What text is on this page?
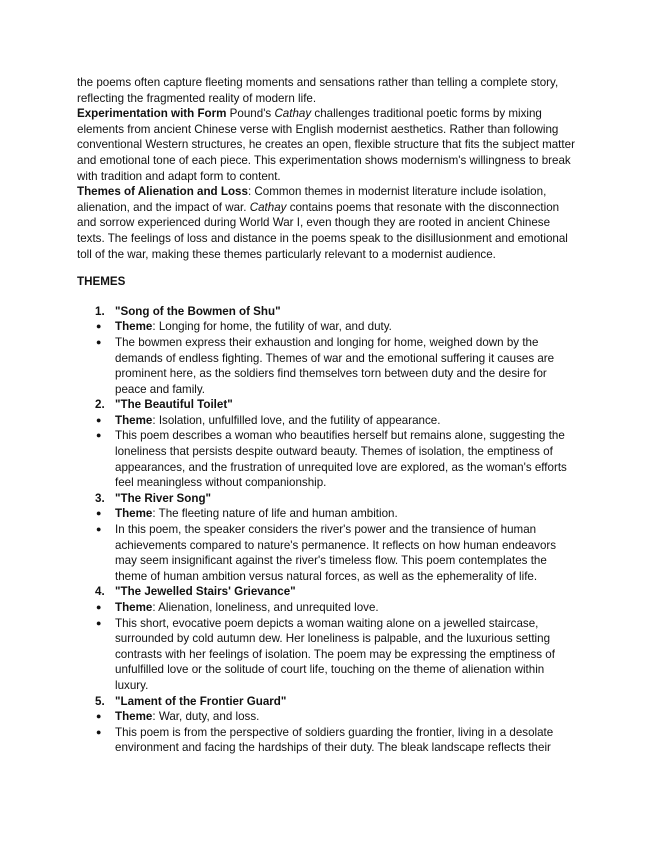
the poems often capture fleeting moments and sensations rather than telling a complete story, reflecting the fragmented reality of modern life.

Experimentation with Form Pound's Cathay challenges traditional poetic forms by mixing elements from ancient Chinese verse with English modernist aesthetics. Rather than following conventional Western structures, he creates an open, flexible structure that fits the subject matter and emotional tone of each piece. This experimentation shows modernism's willingness to break with tradition and adapt form to content.

Themes of Alienation and Loss: Common themes in modernist literature include isolation, alienation, and the impact of war. Cathay contains poems that resonate with the disconnection and sorrow experienced during World War I, even though they are rooted in ancient Chinese texts. The feelings of loss and distance in the poems speak to the disillusionment and emotional toll of the war, making these themes particularly relevant to a modernist audience.

THEMES

1. "Song of the Bowmen of Shu"
● Theme: Longing for home, the futility of war, and duty.
● The bowmen express their exhaustion and longing for home, weighed down by the demands of endless fighting. Themes of war and the emotional suffering it causes are prominent here, as the soldiers find themselves torn between duty and the desire for peace and family.
2. "The Beautiful Toilet"
● Theme: Isolation, unfulfilled love, and the futility of appearance.
● This poem describes a woman who beautifies herself but remains alone, suggesting the loneliness that persists despite outward beauty. Themes of isolation, the emptiness of appearances, and the frustration of unrequited love are explored, as the woman's efforts feel meaningless without companionship.
3. "The River Song"
● Theme: The fleeting nature of life and human ambition.
● In this poem, the speaker considers the river's power and the transience of human achievements compared to nature's permanence. It reflects on how human endeavors may seem insignificant against the river's timeless flow. This poem contemplates the theme of human ambition versus natural forces, as well as the ephemerality of life.
4. "The Jewelled Stairs' Grievance"
● Theme: Alienation, loneliness, and unrequited love.
● This short, evocative poem depicts a woman waiting alone on a jewelled staircase, surrounded by cold autumn dew. Her loneliness is palpable, and the luxurious setting contrasts with her feelings of isolation. The poem may be expressing the emptiness of unfulfilled love or the solitude of court life, touching on the theme of alienation within luxury.
5. "Lament of the Frontier Guard"
● Theme: War, duty, and loss.
● This poem is from the perspective of soldiers guarding the frontier, living in a desolate environment and facing the hardships of their duty. The bleak landscape reflects their
